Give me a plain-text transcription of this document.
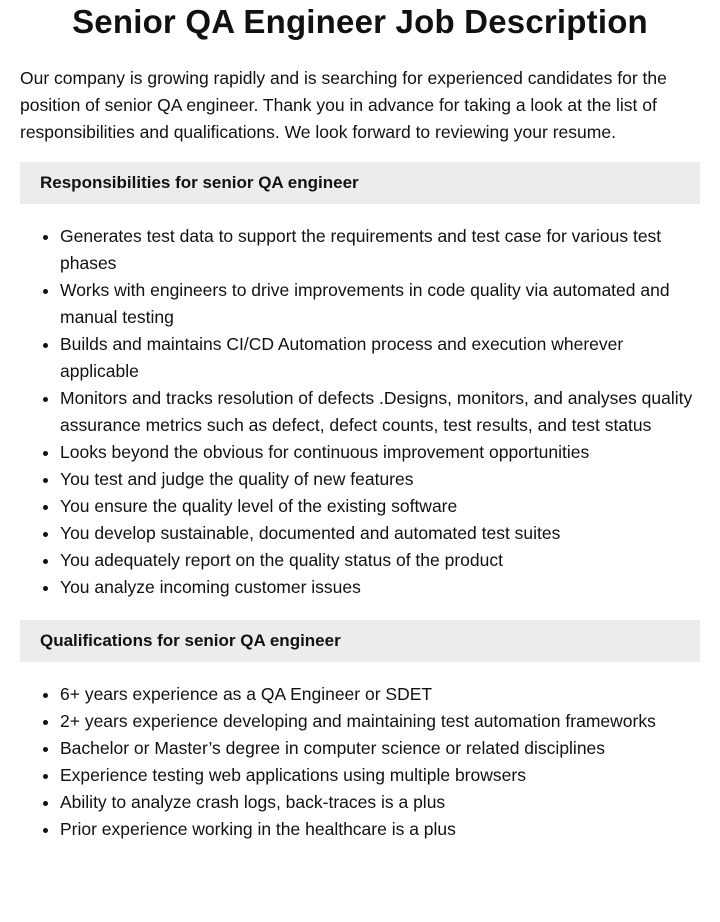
Senior QA Engineer Job Description

Our company is growing rapidly and is searching for experienced candidates for the position of senior QA engineer. Thank you in advance for taking a look at the list of responsibilities and qualifications. We look forward to reviewing your resume.

Responsibilities for senior QA engineer
• Generates test data to support the requirements and test case for various test phases
• Works with engineers to drive improvements in code quality via automated and manual testing
• Builds and maintains CI/CD Automation process and execution wherever applicable
• Monitors and tracks resolution of defects .Designs, monitors, and analyses quality assurance metrics such as defect, defect counts, test results, and test status
• Looks beyond the obvious for continuous improvement opportunities
• You test and judge the quality of new features
• You ensure the quality level of the existing software
• You develop sustainable, documented and automated test suites
• You adequately report on the quality status of the product
• You analyze incoming customer issues
Qualifications for senior QA engineer
• 6+ years experience as a QA Engineer or SDET
• 2+ years experience developing and maintaining test automation frameworks
• Bachelor or Master’s degree in computer science or related disciplines
• Experience testing web applications using multiple browsers
• Ability to analyze crash logs, back-traces is a plus
• Prior experience working in the healthcare is a plus
